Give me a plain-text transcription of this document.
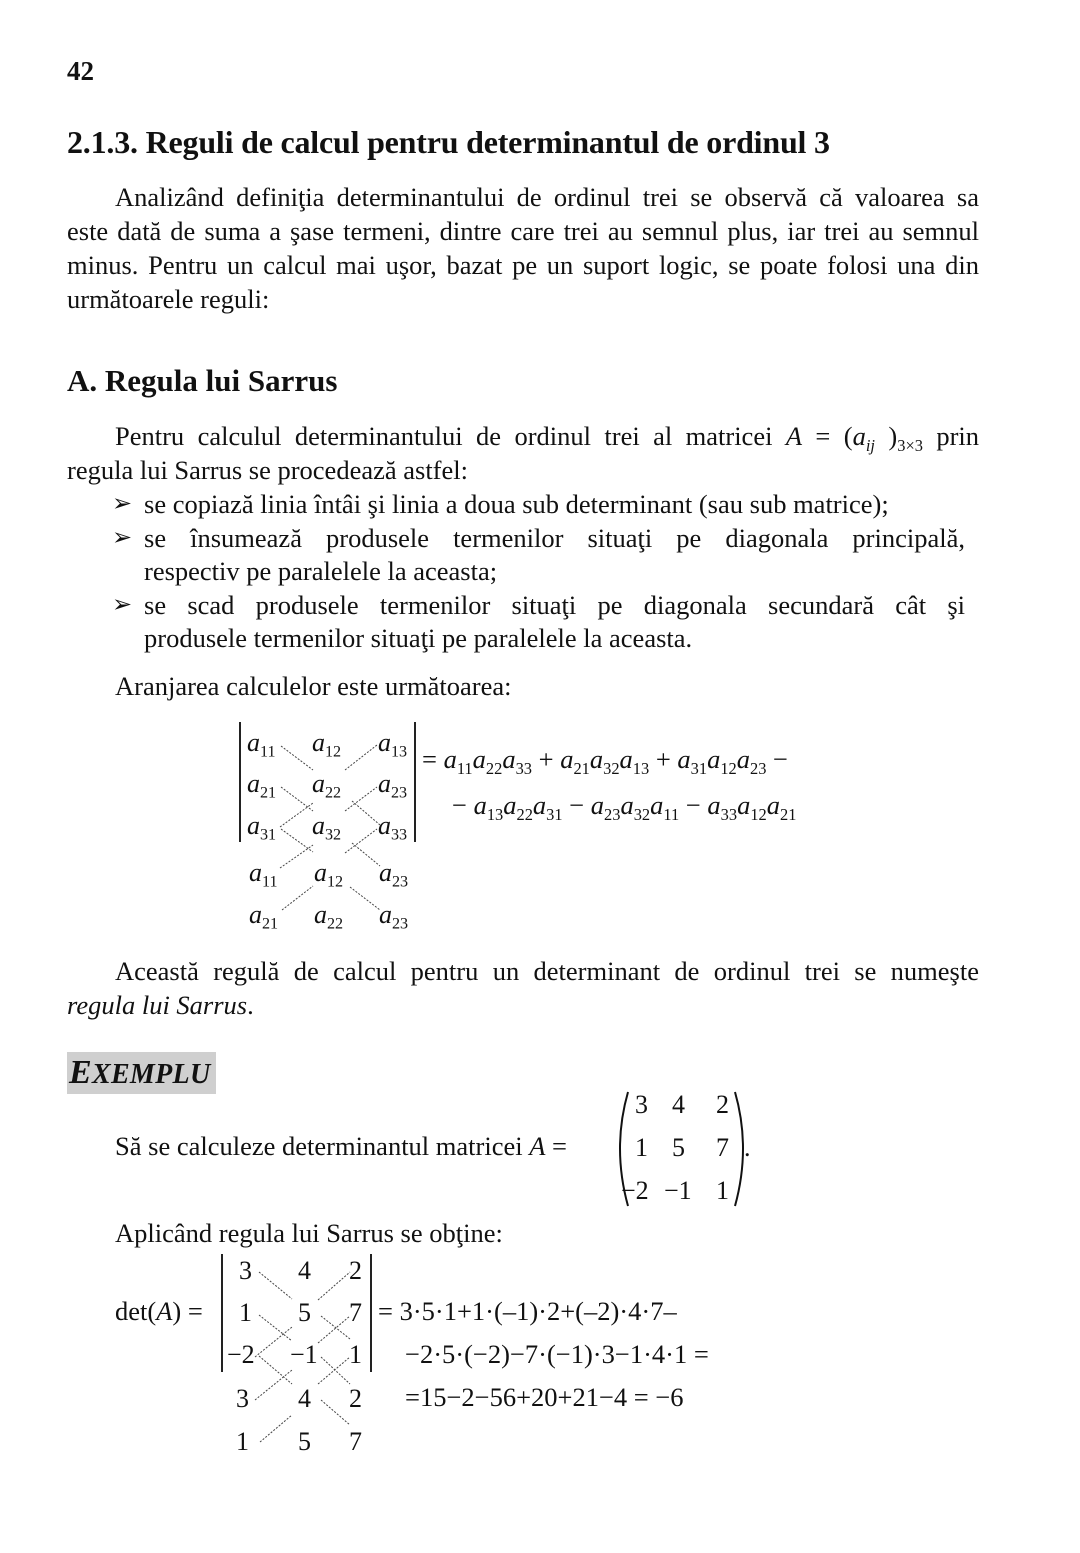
42
2.1.3. Reguli de calcul pentru determinantul de ordinul 3
Analizând definiţia determinantului de ordinul trei se observă că valoarea sa
este dată de suma a şase termeni, dintre care trei au semnul plus, iar trei au semnul
minus. Pentru un calcul mai uşor, bazat pe un suport logic, se poate folosi una din
următoarele reguli:
A. Regula lui Sarrus
Pentru calculul determinantului de ordinul trei al matricei $A = (a_{ij}$ )$_{3\times 3}$ prin
regula lui Sarrus se procedează astfel:
➢ se copiază linia întâi şi linia a doua sub determinant (sau sub matrice);
➢ se însumează produsele termenilor situaţi pe diagonala principală,
respectiv pe paralelele la aceasta;
➢ se scad produsele termenilor situaţi pe diagonala secundară cât şi
produsele termenilor situaţi pe paralelele la aceasta.
Aranjarea calculelor este următoarea:
$a_{11}$ $a_{12}$ $a_{13}$
$a_{21}$ $a_{22}$ $a_{23}$
$a_{31}$ $a_{32}$ $a_{33}$
$a_{11}$ $a_{12}$ $a_{23}$
$a_{21}$ $a_{22}$ $a_{23}$
= $a_{11}a_{22}a_{33} + a_{21}a_{32}a_{13} + a_{31}a_{12}a_{23}$ −
− $a_{13}a_{22}a_{31} - a_{23}a_{32}a_{11} - a_{33}a_{12}a_{21}$
Această regulă de calcul pentru un determinant de ordinul trei se numeşte
regula lui Sarrus.
EXEMPLU
Să se calculeze determinantul matricei A =
3 4 2
1 5 7
−2 −1 1
.
Aplicând regula lui Sarrus se obţine:
det(A) =
3 4 2
1 5 7
−2 −1 1
3 4 2
1 5 7
= 3·5·1+1·(–1)·2+(–2)·4·7–
−2·5·(−2)−7·(−1)·3−1·4·1 =
=15−2−56+20+21−4 = −6
